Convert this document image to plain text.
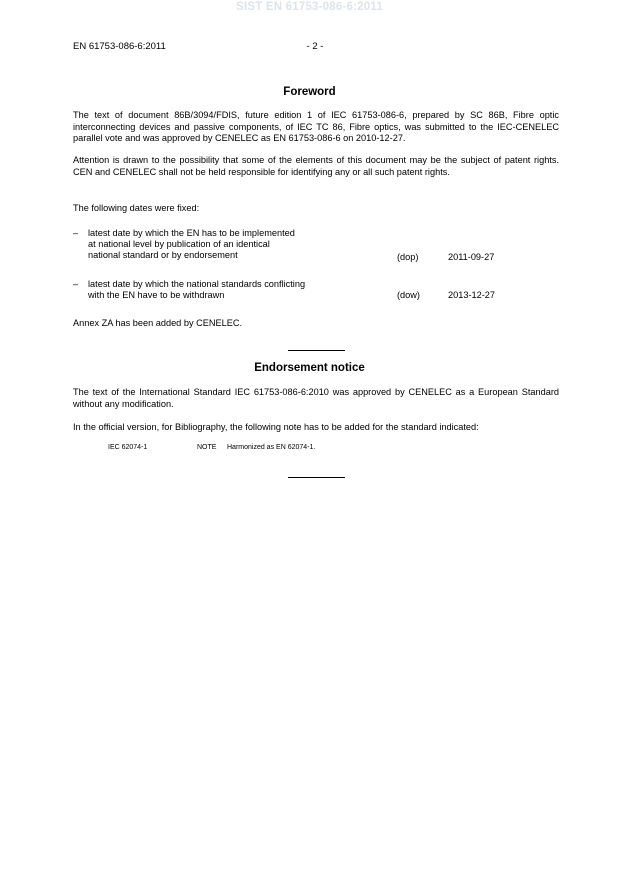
SIST EN 61753-086-6:2011
EN 61753-086-6:2011	- 2 -
Foreword

The text of document 86B/3094/FDIS, future edition 1 of IEC 61753-086-6, prepared by SC 86B, Fibre optic interconnecting devices and passive components, of IEC TC 86, Fibre optics, was submitted to the IEC-CENELEC parallel vote and was approved by CENELEC as EN 61753-086-6 on 2010-12-27.

Attention is drawn to the possibility that some of the elements of this document may be the subject of patent rights. CEN and CENELEC shall not be held responsible for identifying any or all such patent rights.

The following dates were fixed:

– latest date by which the EN has to be implemented
at national level by publication of an identical
national standard or by endorsement	(dop)	2011-09-27
– latest date by which the national standards conflicting
with the EN have to be withdrawn	(dow)	2013-12-27

Annex ZA has been added by CENELEC.

Endorsement notice

The text of the International Standard IEC 61753-086-6:2010 was approved by CENELEC as a European Standard without any modification.

In the official version, for Bibliography, the following note has to be added for the standard indicated:

IEC 62074-1	NOTE Harmonized as EN 62074-1.
